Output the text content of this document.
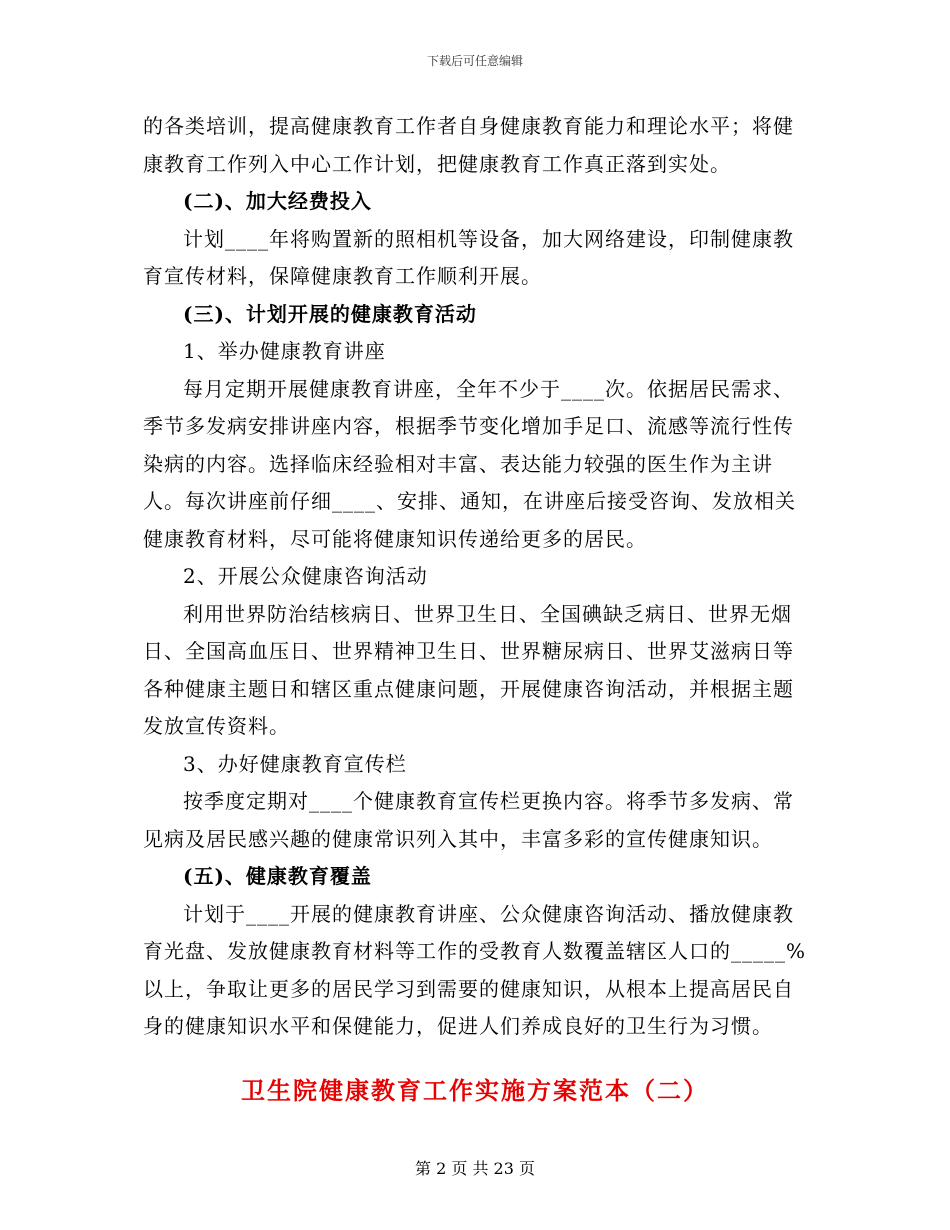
下载后可任意编辑

的各类培训，提高健康教育工作者自身健康教育能力和理论水平；将健康教育工作列入中心工作计划，把健康教育工作真正落到实处。

(二)、加大经费投入

计划____年将购置新的照相机等设备，加大网络建设，印制健康教育宣传材料，保障健康教育工作顺利开展。

(三)、计划开展的健康教育活动

1、举办健康教育讲座

每月定期开展健康教育讲座，全年不少于____次。依据居民需求、季节多发病安排讲座内容，根据季节变化增加手足口、流感等流行性传染病的内容。选择临床经验相对丰富、表达能力较强的医生作为主讲人。每次讲座前仔细____、安排、通知，在讲座后接受咨询、发放相关健康教育材料，尽可能将健康知识传递给更多的居民。

2、开展公众健康咨询活动

利用世界防治结核病日、世界卫生日、全国碘缺乏病日、世界无烟日、全国高血压日、世界精神卫生日、世界糖尿病日、世界艾滋病日等各种健康主题日和辖区重点健康问题，开展健康咨询活动，并根据主题发放宣传资料。

3、办好健康教育宣传栏

按季度定期对____个健康教育宣传栏更换内容。将季节多发病、常见病及居民感兴趣的健康常识列入其中，丰富多彩的宣传健康知识。

(五)、健康教育覆盖

计划于____开展的健康教育讲座、公众健康咨询活动、播放健康教育光盘、发放健康教育材料等工作的受教育人数覆盖辖区人口的_____%以上，争取让更多的居民学习到需要的健康知识，从根本上提高居民自身的健康知识水平和保健能力，促进人们养成良好的卫生行为习惯。

卫生院健康教育工作实施方案范本（二）
第 2 页 共 23 页
